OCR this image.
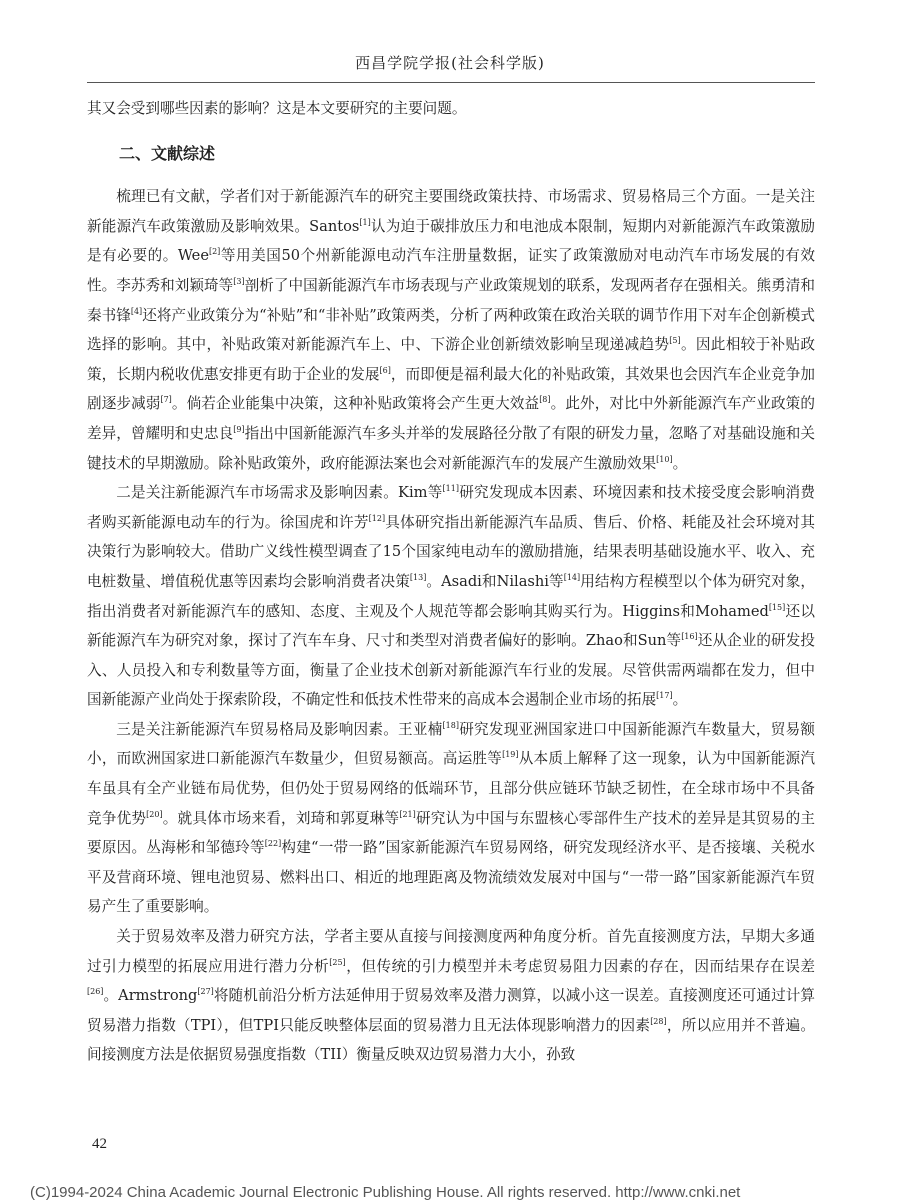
西昌学院学报(社会科学版)

其又会受到哪些因素的影响？这是本文要研究的主要问题。

二、文献综述

梳理已有文献，学者们对于新能源汽车的研究主要围绕政策扶持、市场需求、贸易格局三个方面。一是关注新能源汽车政策激励及影响效果。Santos[1]认为迫于碳排放压力和电池成本限制，短期内对新能源汽车政策激励是有必要的。Wee[2]等用美国50个州新能源电动汽车注册量数据，证实了政策激励对电动汽车市场发展的有效性。李苏秀和刘颖琦等[3]剖析了中国新能源汽车市场表现与产业政策规划的联系，发现两者存在强相关。熊勇清和秦书锋[4]还将产业政策分为“补贴”和“非补贴”政策两类，分析了两种政策在政治关联的调节作用下对车企创新模式选择的影响。其中，补贴政策对新能源汽车上、中、下游企业创新绩效影响呈现递减趋势[5]。因此相较于补贴政策，长期内税收优惠安排更有助于企业的发展[6]，而即便是福利最大化的补贴政策，其效果也会因汽车企业竞争加剧逐步减弱[7]。倘若企业能集中决策，这种补贴政策将会产生更大效益[8]。此外，对比中外新能源汽车产业政策的差异，曾耀明和史忠良[9]指出中国新能源汽车多头并举的发展路径分散了有限的研发力量，忽略了对基础设施和关键技术的早期激励。除补贴政策外，政府能源法案也会对新能源汽车的发展产生激励效果[10]。

二是关注新能源汽车市场需求及影响因素。Kim等[11]研究发现成本因素、环境因素和技术接受度会影响消费者购买新能源电动车的行为。徐国虎和许芳[12]具体研究指出新能源汽车品质、售后、价格、耗能及社会环境对其决策行为影响较大。借助广义线性模型调查了15个国家纯电动车的激励措施，结果表明基础设施水平、收入、充电桩数量、增值税优惠等因素均会影响消费者决策[13]。Asadi和Nilashi等[14]用结构方程模型以个体为研究对象，指出消费者对新能源汽车的感知、态度、主观及个人规范等都会影响其购买行为。Higgins和Mohamed[15]还以新能源汽车为研究对象，探讨了汽车车身、尺寸和类型对消费者偏好的影响。Zhao和Sun等[16]还从企业的研发投入、人员投入和专利数量等方面，衡量了企业技术创新对新能源汽车行业的发展。尽管供需两端都在发力，但中国新能源产业尚处于探索阶段，不确定性和低技术性带来的高成本会遏制企业市场的拓展[17]。

三是关注新能源汽车贸易格局及影响因素。王亚楠[18]研究发现亚洲国家进口中国新能源汽车数量大，贸易额小，而欧洲国家进口新能源汽车数量少，但贸易额高。高运胜等[19]从本质上解释了这一现象，认为中国新能源汽车虽具有全产业链布局优势，但仍处于贸易网络的低端环节，且部分供应链环节缺乏韧性，在全球市场中不具备竞争优势[20]。就具体市场来看，刘琦和郭夏琳等[21]研究认为中国与东盟核心零部件生产技术的差异是其贸易的主要原因。丛海彬和邹德玲等[22]构建“一带一路”国家新能源汽车贸易网络，研究发现经济水平、是否接壤、关税水平及营商环境、锂电池贸易、燃料出口、相近的地理距离及物流绩效发展对中国与“一带一路”国家新能源汽车贸易产生了重要影响。

关于贸易效率及潜力研究方法，学者主要从直接与间接测度两种角度分析。首先直接测度方法，早期大多通过引力模型的拓展应用进行潜力分析[25]，但传统的引力模型并未考虑贸易阻力因素的存在，因而结果存在误差[26]。Armstrong[27]将随机前沿分析方法延伸用于贸易效率及潜力测算，以减小这一误差。直接测度还可通过计算贸易潜力指数（TPI），但TPI只能反映整体层面的贸易潜力且无法体现影响潜力的因素[28]，所以应用并不普遍。间接测度方法是依据贸易强度指数（TII）衡量反映双边贸易潜力大小，孙致

42
(C)1994-2024 China Academic Journal Electronic Publishing House. All rights reserved. http://www.cnki.net
